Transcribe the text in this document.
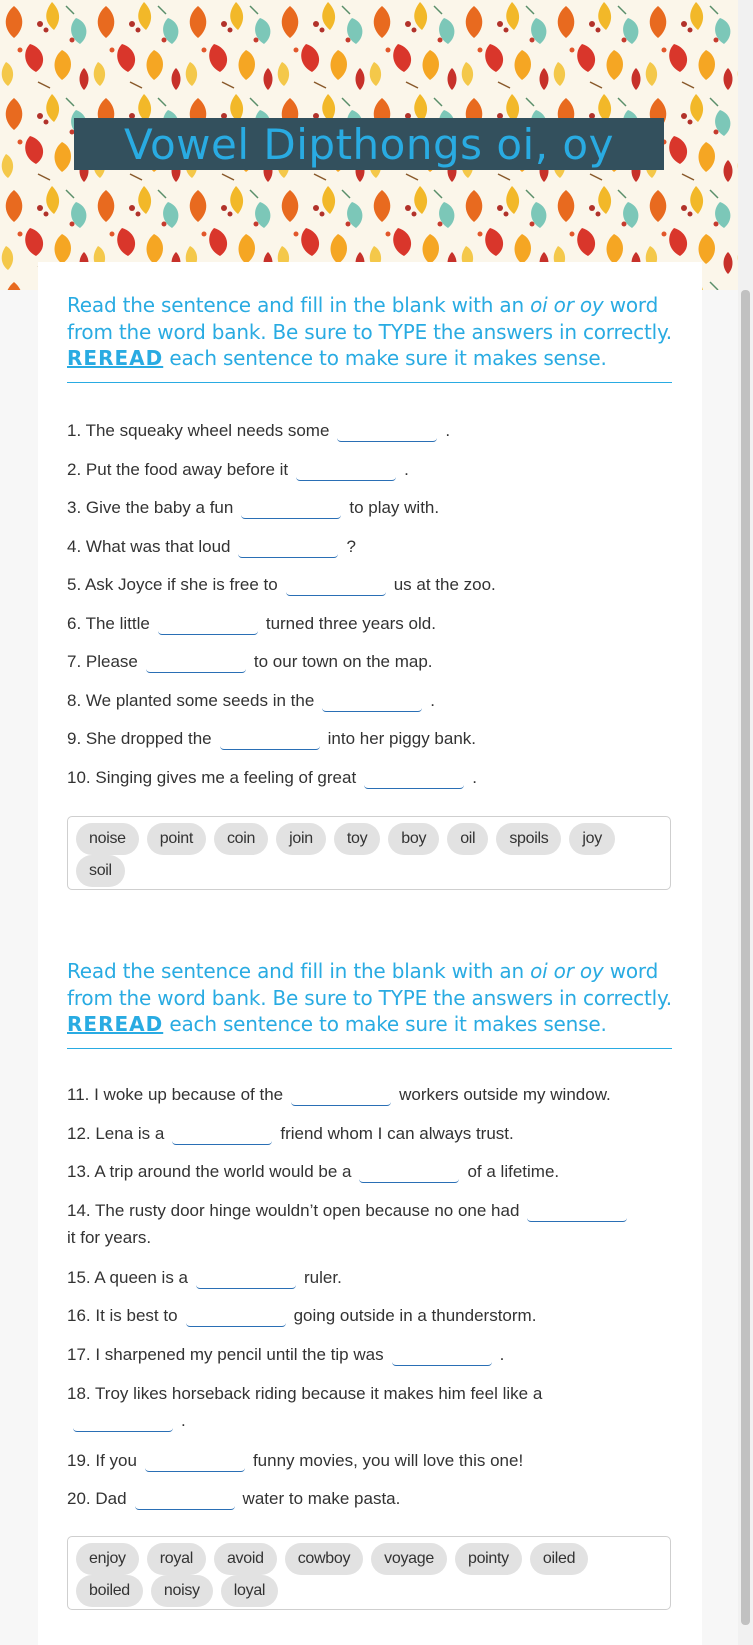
Vowel Dipthongs oi, oy

Read the sentence and fill in the blank with an oi or oy word from the word bank. Be sure to TYPE the answers in correctly. REREAD each sentence to make sure it makes sense.

1. The squeaky wheel needs some	.
2. Put the food away before it	.
3. Give the baby a fun	to play with.
4. What was that loud	?
5. Ask Joyce if she is free to	us at the zoo.
6. The little	turned three years old.
7. Please	to our town on the map.
8. We planted some seeds in the	.
9. She dropped the	into her piggy bank.
10. Singing gives me a feeling of great	.
noise	point	coin	join	toy	boy	oil	spoils	joy
soil

Read the sentence and fill in the blank with an oi or oy word from the word bank. Be sure to TYPE the answers in correctly. REREAD each sentence to make sure it makes sense.

11. I woke up because of the	workers outside my window.
12. Lena is a	friend whom I can always trust.
13. A trip around the world would be a	of a lifetime.
14. The rusty door hinge wouldn’t open because no one had
it for years.
15. A queen is a	ruler.
16. It is best to	going outside in a thunderstorm.
17. I sharpened my pencil until the tip was	.
18. Troy likes horseback riding because it makes him feel like a
.
19. If you	funny movies, you will love this one!
20. Dad	water to make pasta.
enjoy	royal	avoid	cowboy	voyage	pointy	oiled
boiled	noisy	loyal
